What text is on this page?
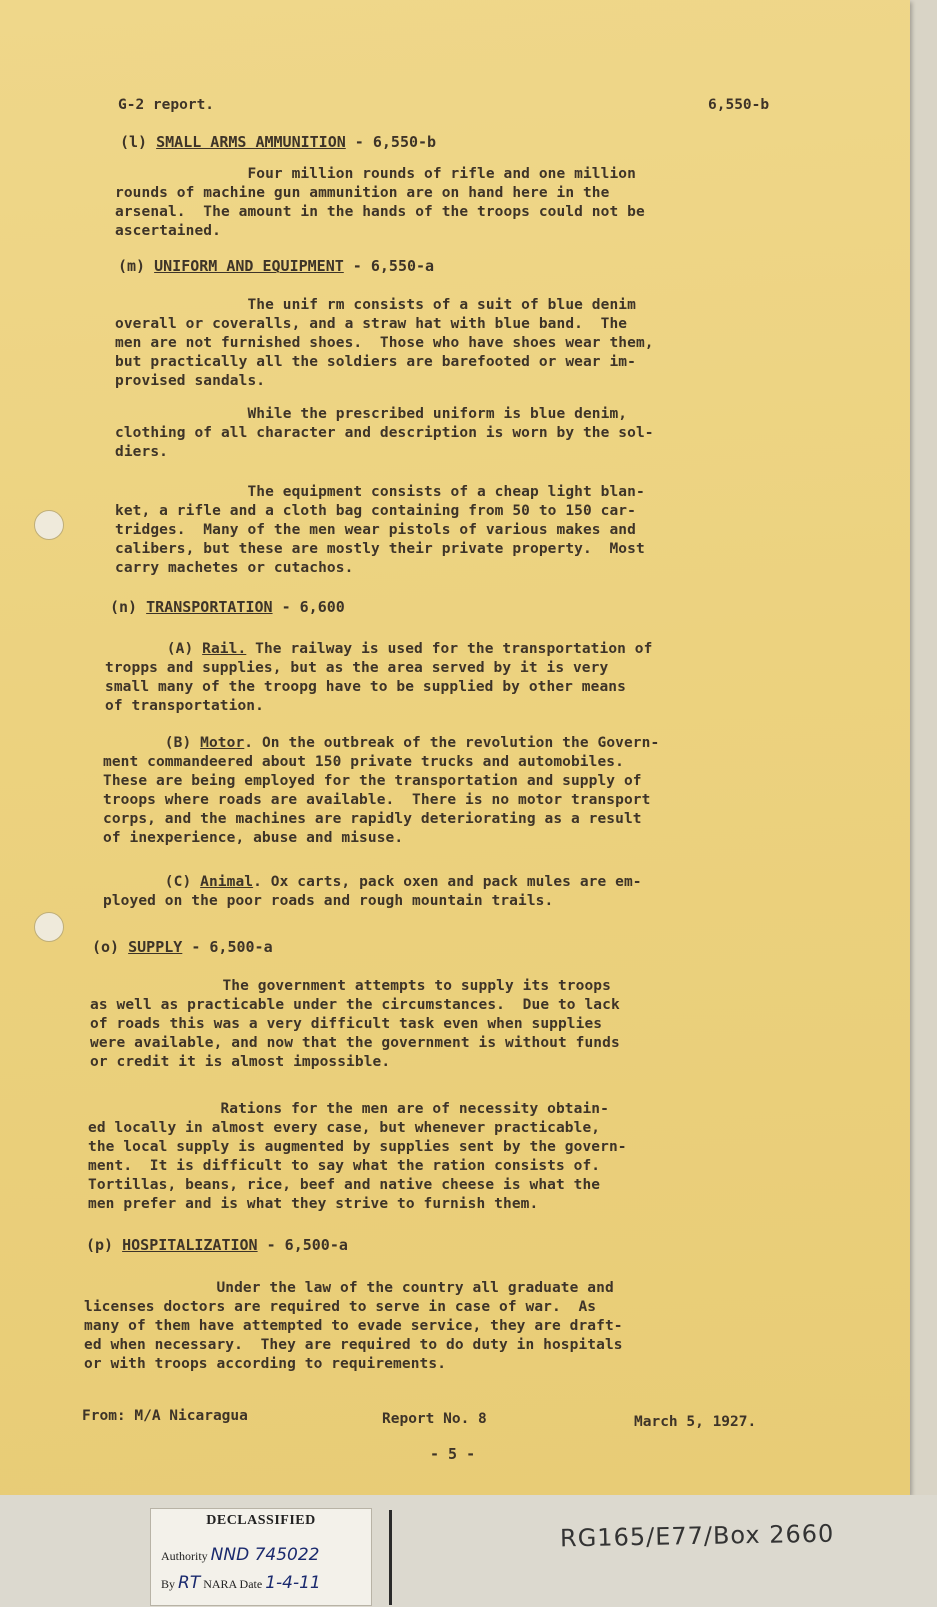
G-2 report.	6,550-b
(l) SMALL ARMS AMMUNITION - 6,550-b
Four million rounds of rifle and one million
rounds of machine gun ammunition are on hand here in the
arsenal.  The amount in the hands of the troops could not be
ascertained.
(m) UNIFORM AND EQUIPMENT - 6,550-a
The unif rm consists of a suit of blue denim
overall or coveralls, and a straw hat with blue band.  The
men are not furnished shoes.  Those who have shoes wear them,
but practically all the soldiers are barefooted or wear im-
provised sandals.
While the prescribed uniform is blue denim,
clothing of all character and description is worn by the sol-
diers.
The equipment consists of a cheap light blan-
ket, a rifle and a cloth bag containing from 50 to 150 car-
tridges.  Many of the men wear pistols of various makes and
calibers, but these are mostly their private property.  Most
carry machetes or cutachos.
(n) TRANSPORTATION - 6,600
(A) Rail. The railway is used for the transportation of
tropps and supplies, but as the area served by it is very
small many of the troopg have to be supplied by other means
of transportation.
(B) Motor. On the outbreak of the revolution the Govern-
ment commandeered about 150 private trucks and automobiles.
These are being employed for the transportation and supply of
troops where roads are available.  There is no motor transport
corps, and the machines are rapidly deteriorating as a result
of inexperience, abuse and misuse.
(C) Animal. Ox carts, pack oxen and pack mules are em-
ployed on the poor roads and rough mountain trails.
(o) SUPPLY - 6,500-a
The government attempts to supply its troops
as well as practicable under the circumstances.  Due to lack
of roads this was a very difficult task even when supplies
were available, and now that the government is without funds
or credit it is almost impossible.
Rations for the men are of necessity obtain-
ed locally in almost every case, but whenever practicable,
the local supply is augmented by supplies sent by the govern-
ment.  It is difficult to say what the ration consists of.
Tortillas, beans, rice, beef and native cheese is what the
men prefer and is what they strive to furnish them.
(p) HOSPITALIZATION - 6,500-a
Under the law of the country all graduate and
licenses doctors are required to serve in case of war.  As
many of them have attempted to evade service, they are draft-
ed when necessary.  They are required to do duty in hospitals
or with troops according to requirements.
From: M/A Nicaragua	Report No. 8	March 5, 1927.
- 5 -
DECLASSIFIED
Authority NND 745022
By RT NARA Date 1-4-11
RG165/E77/Box 2660
